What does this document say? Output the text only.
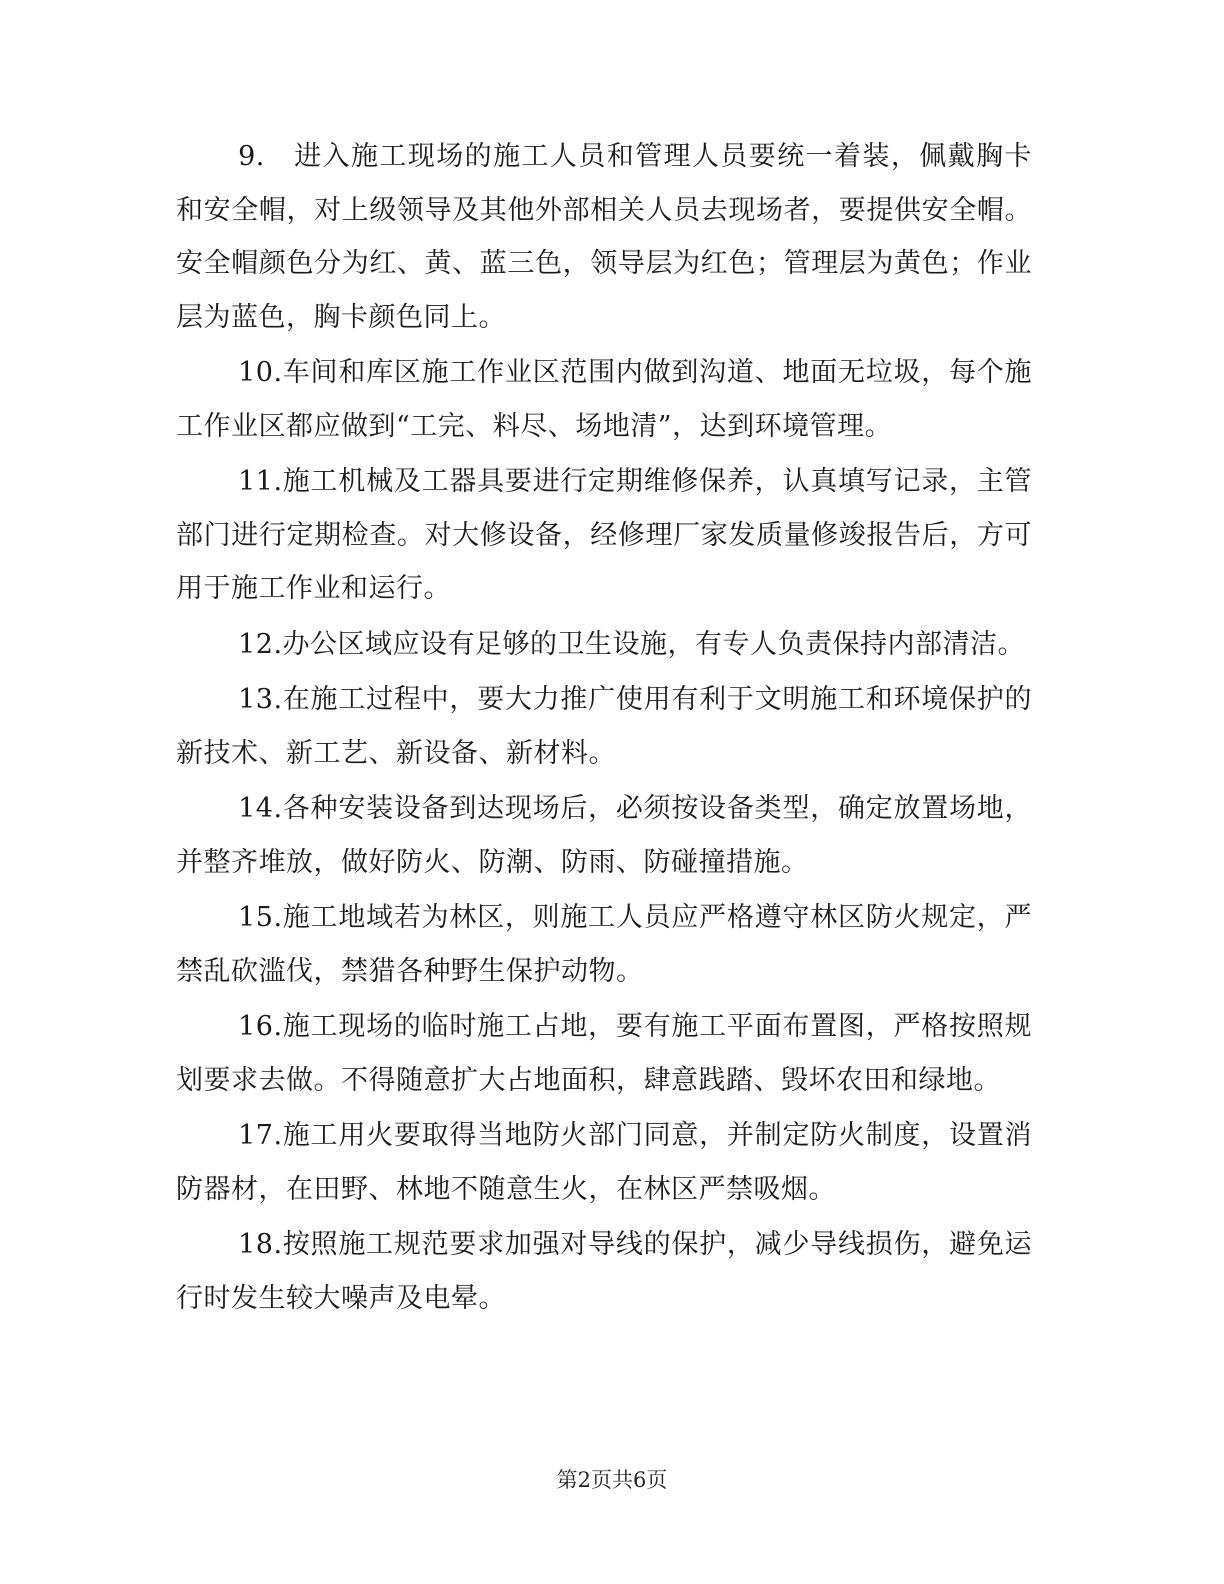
9.　进入施工现场的施工人员和管理人员要统一着装，佩戴胸卡和安全帽，对上级领导及其他外部相关人员去现场者，要提供安全帽。安全帽颜色分为红、黄、蓝三色，领导层为红色；管理层为黄色；作业层为蓝色，胸卡颜色同上。

10.车间和库区施工作业区范围内做到沟道、地面无垃圾，每个施工作业区都应做到“工完、料尽、场地清”，达到环境管理。

11.施工机械及工器具要进行定期维修保养，认真填写记录，主管部门进行定期检查。对大修设备，经修理厂家发质量修竣报告后，方可用于施工作业和运行。

12.办公区域应设有足够的卫生设施，有专人负责保持内部清洁。

13.在施工过程中，要大力推广使用有利于文明施工和环境保护的新技术、新工艺、新设备、新材料。

14.各种安装设备到达现场后，必须按设备类型，确定放置场地，并整齐堆放，做好防火、防潮、防雨、防碰撞措施。

15.施工地域若为林区，则施工人员应严格遵守林区防火规定，严禁乱砍滥伐，禁猎各种野生保护动物。

16.施工现场的临时施工占地，要有施工平面布置图，严格按照规划要求去做。不得随意扩大占地面积，肆意践踏、毁坏农田和绿地。

17.施工用火要取得当地防火部门同意，并制定防火制度，设置消防器材，在田野、林地不随意生火，在林区严禁吸烟。

18.按照施工规范要求加强对导线的保护，减少导线损伤，避免运行时发生较大噪声及电晕。

第2页共6页
